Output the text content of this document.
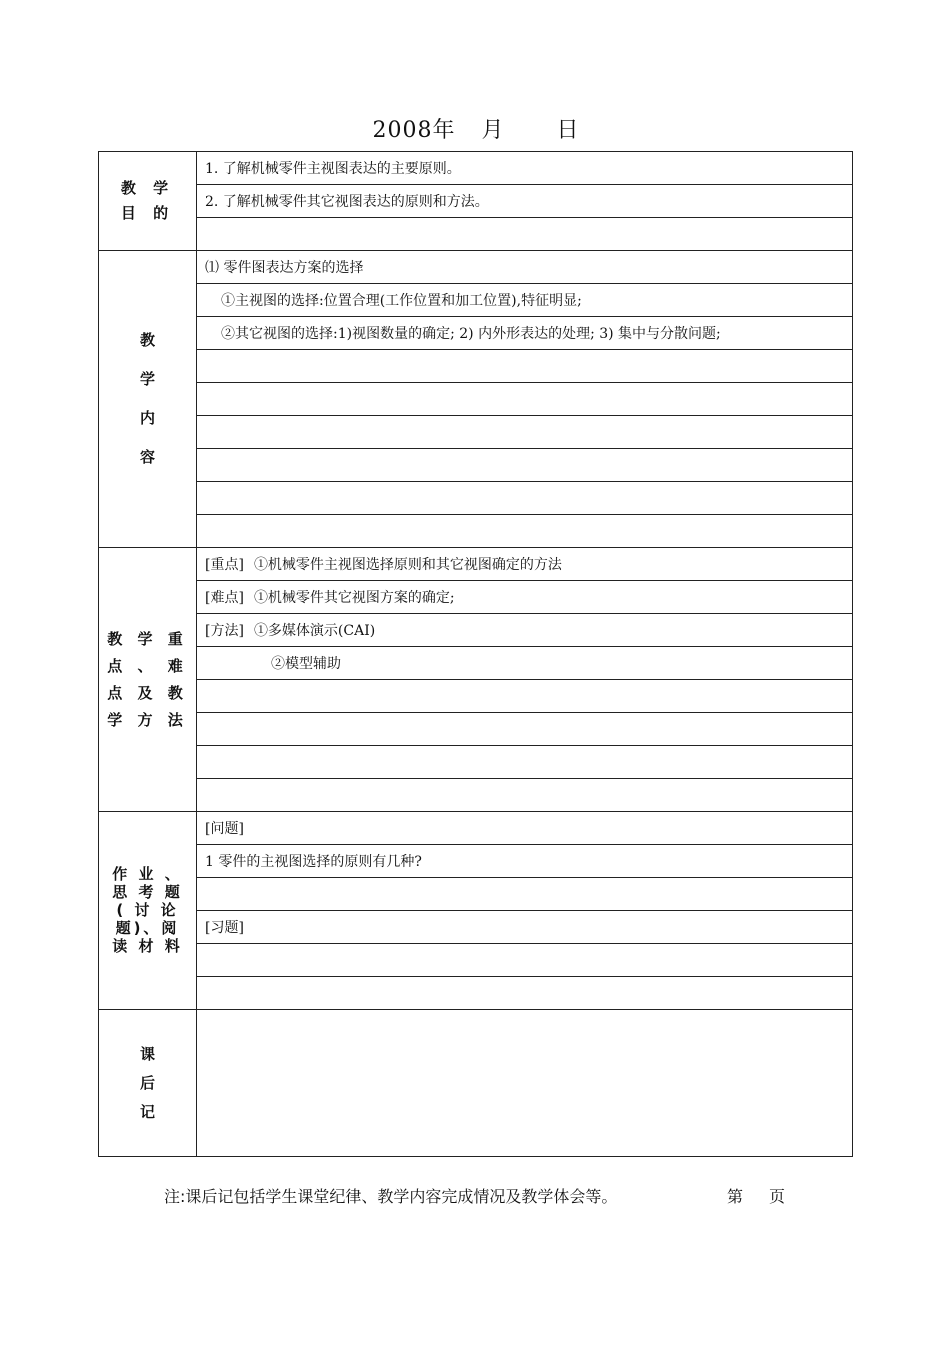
2008年 月 日
教 学
目 的	1. 了解机械零件主视图表达的主要原则。
	2. 了解机械零件其它视图表达的原则和方法。

教
学
内
容	⑴ 零件图表达方案的选择
	①主视图的选择:位置合理(工作位置和加工位置),特征明显;
	②其它视图的选择:1)视图数量的确定; 2) 内外形表达的处理; 3) 集中与分散问题;

教 学 重
点 、 难
点 及 教
学 方 法	[重点] ①机械零件主视图选择原则和其它视图确定的方法
	[难点] ①机械零件其它视图方案的确定;
	[方法] ①多媒体演示(CAI)
	②模型辅助

作 业 、
思 考 题
( 讨 论
题)、阅
读 材 料	[问题]
	1 零件的主视图选择的原则有几种?

	[习题]

课
后
记	

注:课后记包括学生课堂纪律、教学内容完成情况及教学体会等。	第 页
